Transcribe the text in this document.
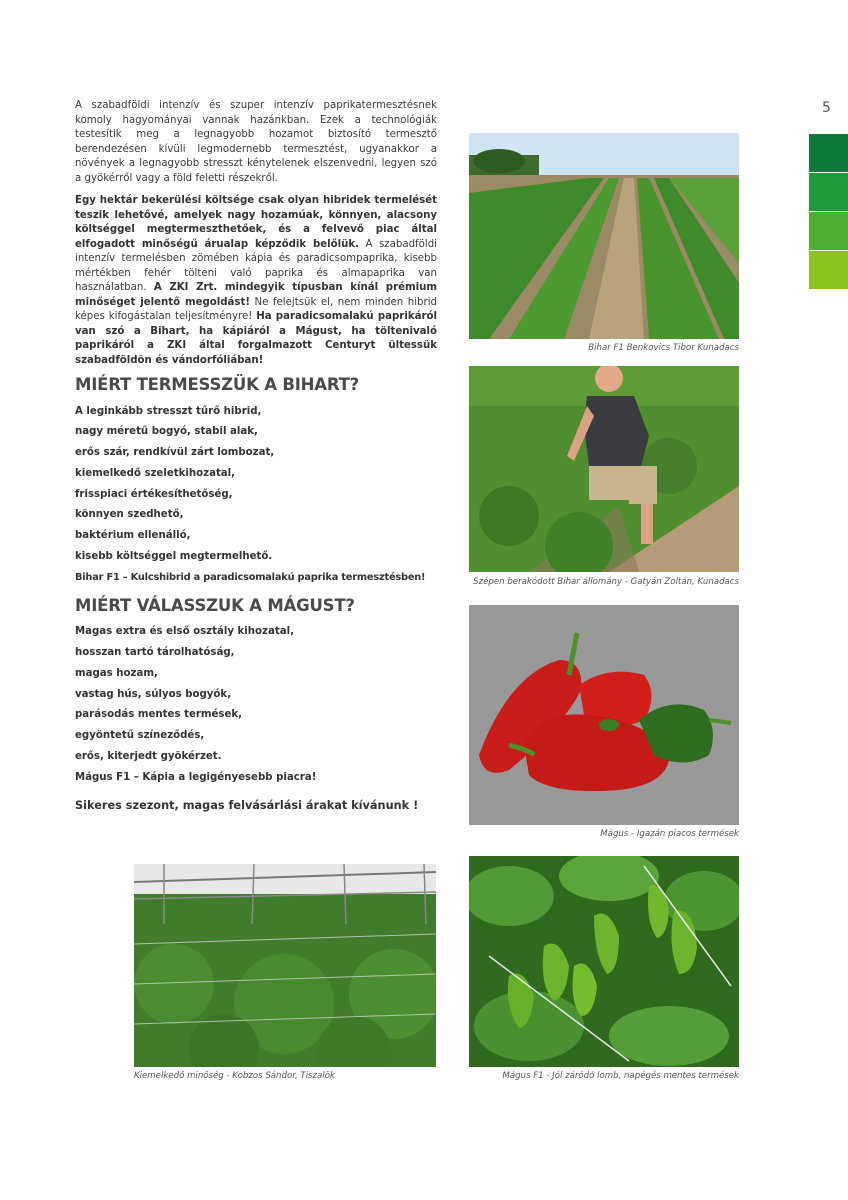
5

A szabadföldi intenzív és szuper intenzív paprikatermesztésnek komoly hagyományai vannak hazánkban. Ezek a technológiák testesítik meg a legnagyobb hozamot biztosító termesztő berendezésen kívüli legmodernebb termesztést, ugyanakkor a növények a legnagyobb stresszt kénytelenek elszenvedni, legyen szó a gyökérről vagy a föld feletti részekről.

Egy hektár bekerülési költsége csak olyan hibridek termelését teszik lehetővé, amelyek nagy hozamúak, könnyen, alacsony költséggel megtermeszthetőek, és a felvevő piac által elfogadott minőségű árualap képződik belőlük. A szabadföldi intenzív termelésben zömében kápia és paradicsompaprika, kisebb mértékben fehér tölteni való paprika és almapaprika van használatban. A ZKI Zrt. mindegyik típusban kínál prémium minőséget jelentő megoldást! Ne felejtsük el, nem minden hibrid képes kifogástalan teljesítményre! Ha paradicsomalakú paprikáról van szó a Bihart, ha kápiáról a Mágust, ha töltenivaló paprikáról a ZKI által forgalmazott Centuryt ültessük szabadföldön és vándorfóliában!

MIÉRT TERMESSZÜK A BIHART?
A leginkább stresszt tűrő hibrid,
nagy méretű bogyó, stabil alak,
erős szár, rendkívül zárt lombozat,
kiemelkedő szeletkihozatal,
frisspiaci értékesíthetőség,
könnyen szedhető,
baktérium ellenálló,
kisebb költséggel megtermelhető.
Bihar F1 – Kulcshibrid a paradicsomalakú paprika termesztésben!
MIÉRT VÁLASSZUK A MÁGUST?
Magas extra és első osztály kihozatal,
hosszan tartó tárolhatóság,
magas hozam,
vastag hús, súlyos bogyók,
parásodás mentes termések,
egyöntetű színeződés,
erős, kiterjedt gyökérzet.
Mágus F1 – Kápia a legigényesebb piacra!
Sikeres szezont, magas felvásárlási árakat kívánunk !
Bihar F1 Benkovics Tibor Kunadacs
Szépen berakódott Bihar állomány - Gatyán Zoltán, Kunadacs
Mágus - Igazán piacos termések
Kiemelkedő minőség - Kobzos Sándor, Tiszalök	Mágus F1 - Jól záródó lomb, napégés mentes termések
